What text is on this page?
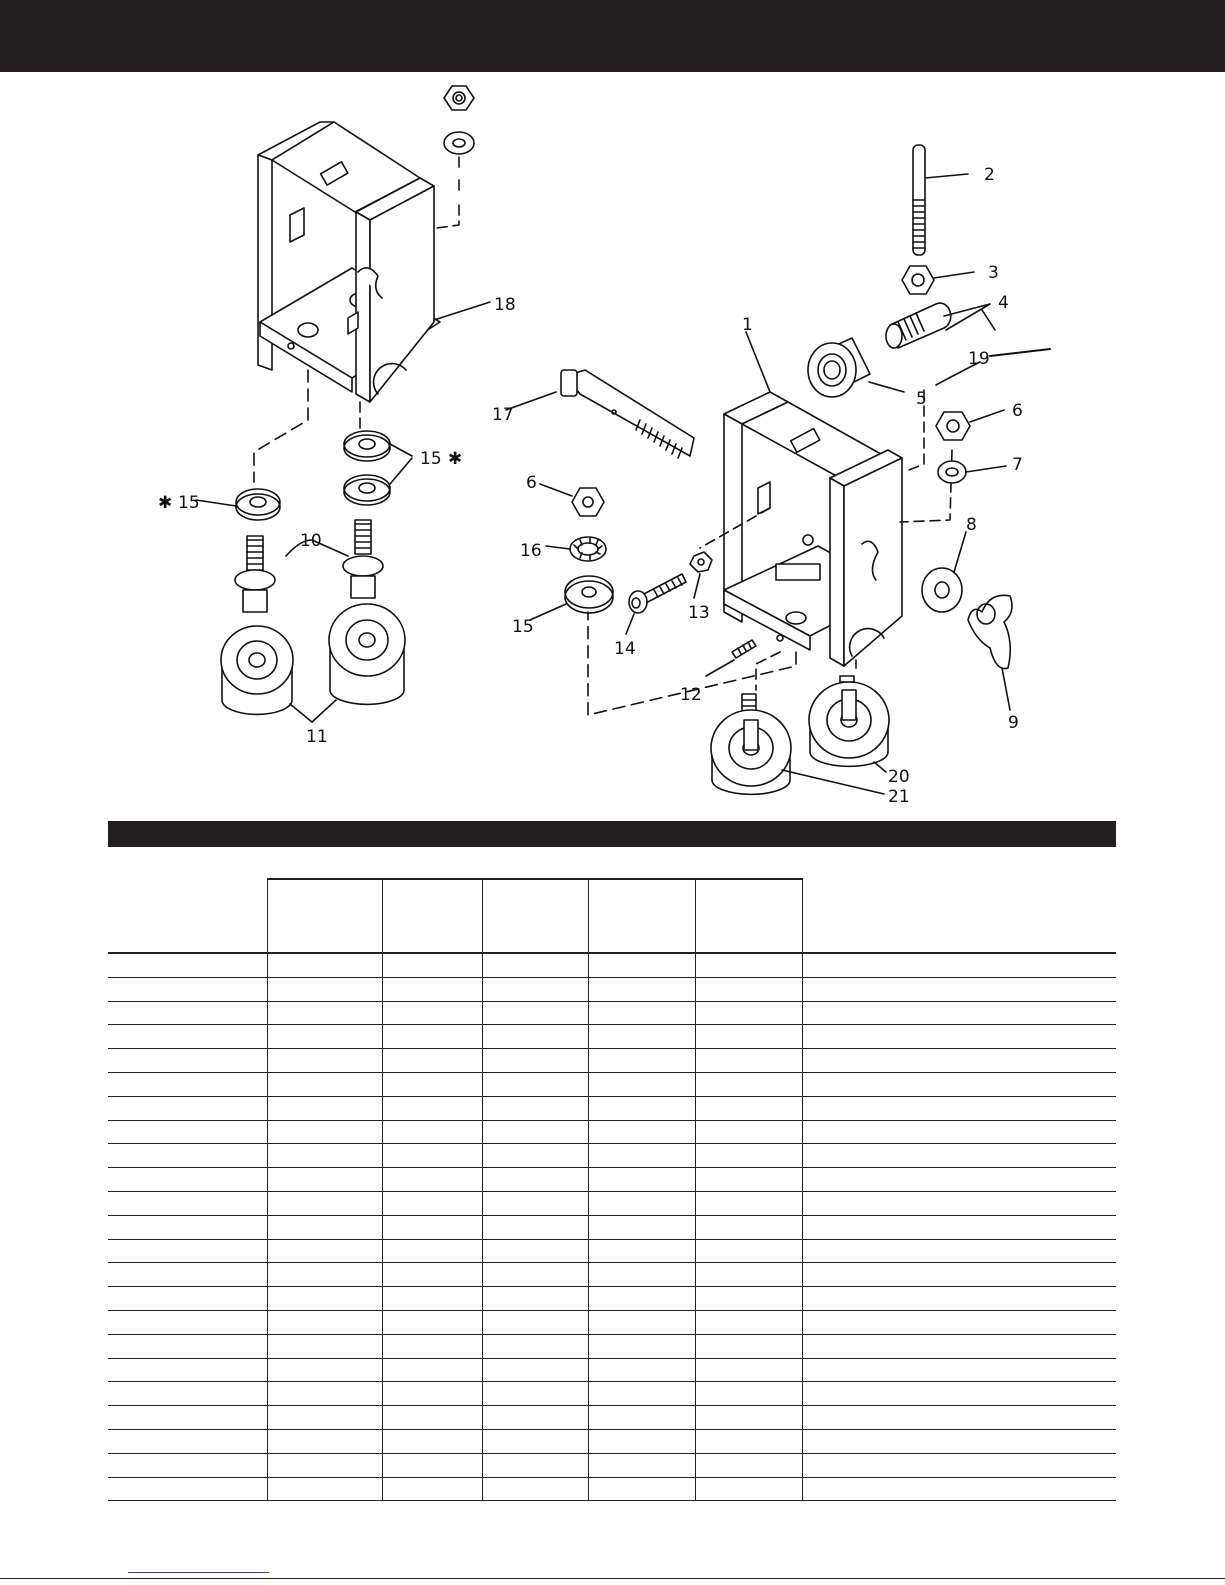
1
2
3
4
5
6
6
7
8
9
10
11
12
13
14
15
15
15
16
17
18
19
20
21
✱
✱
